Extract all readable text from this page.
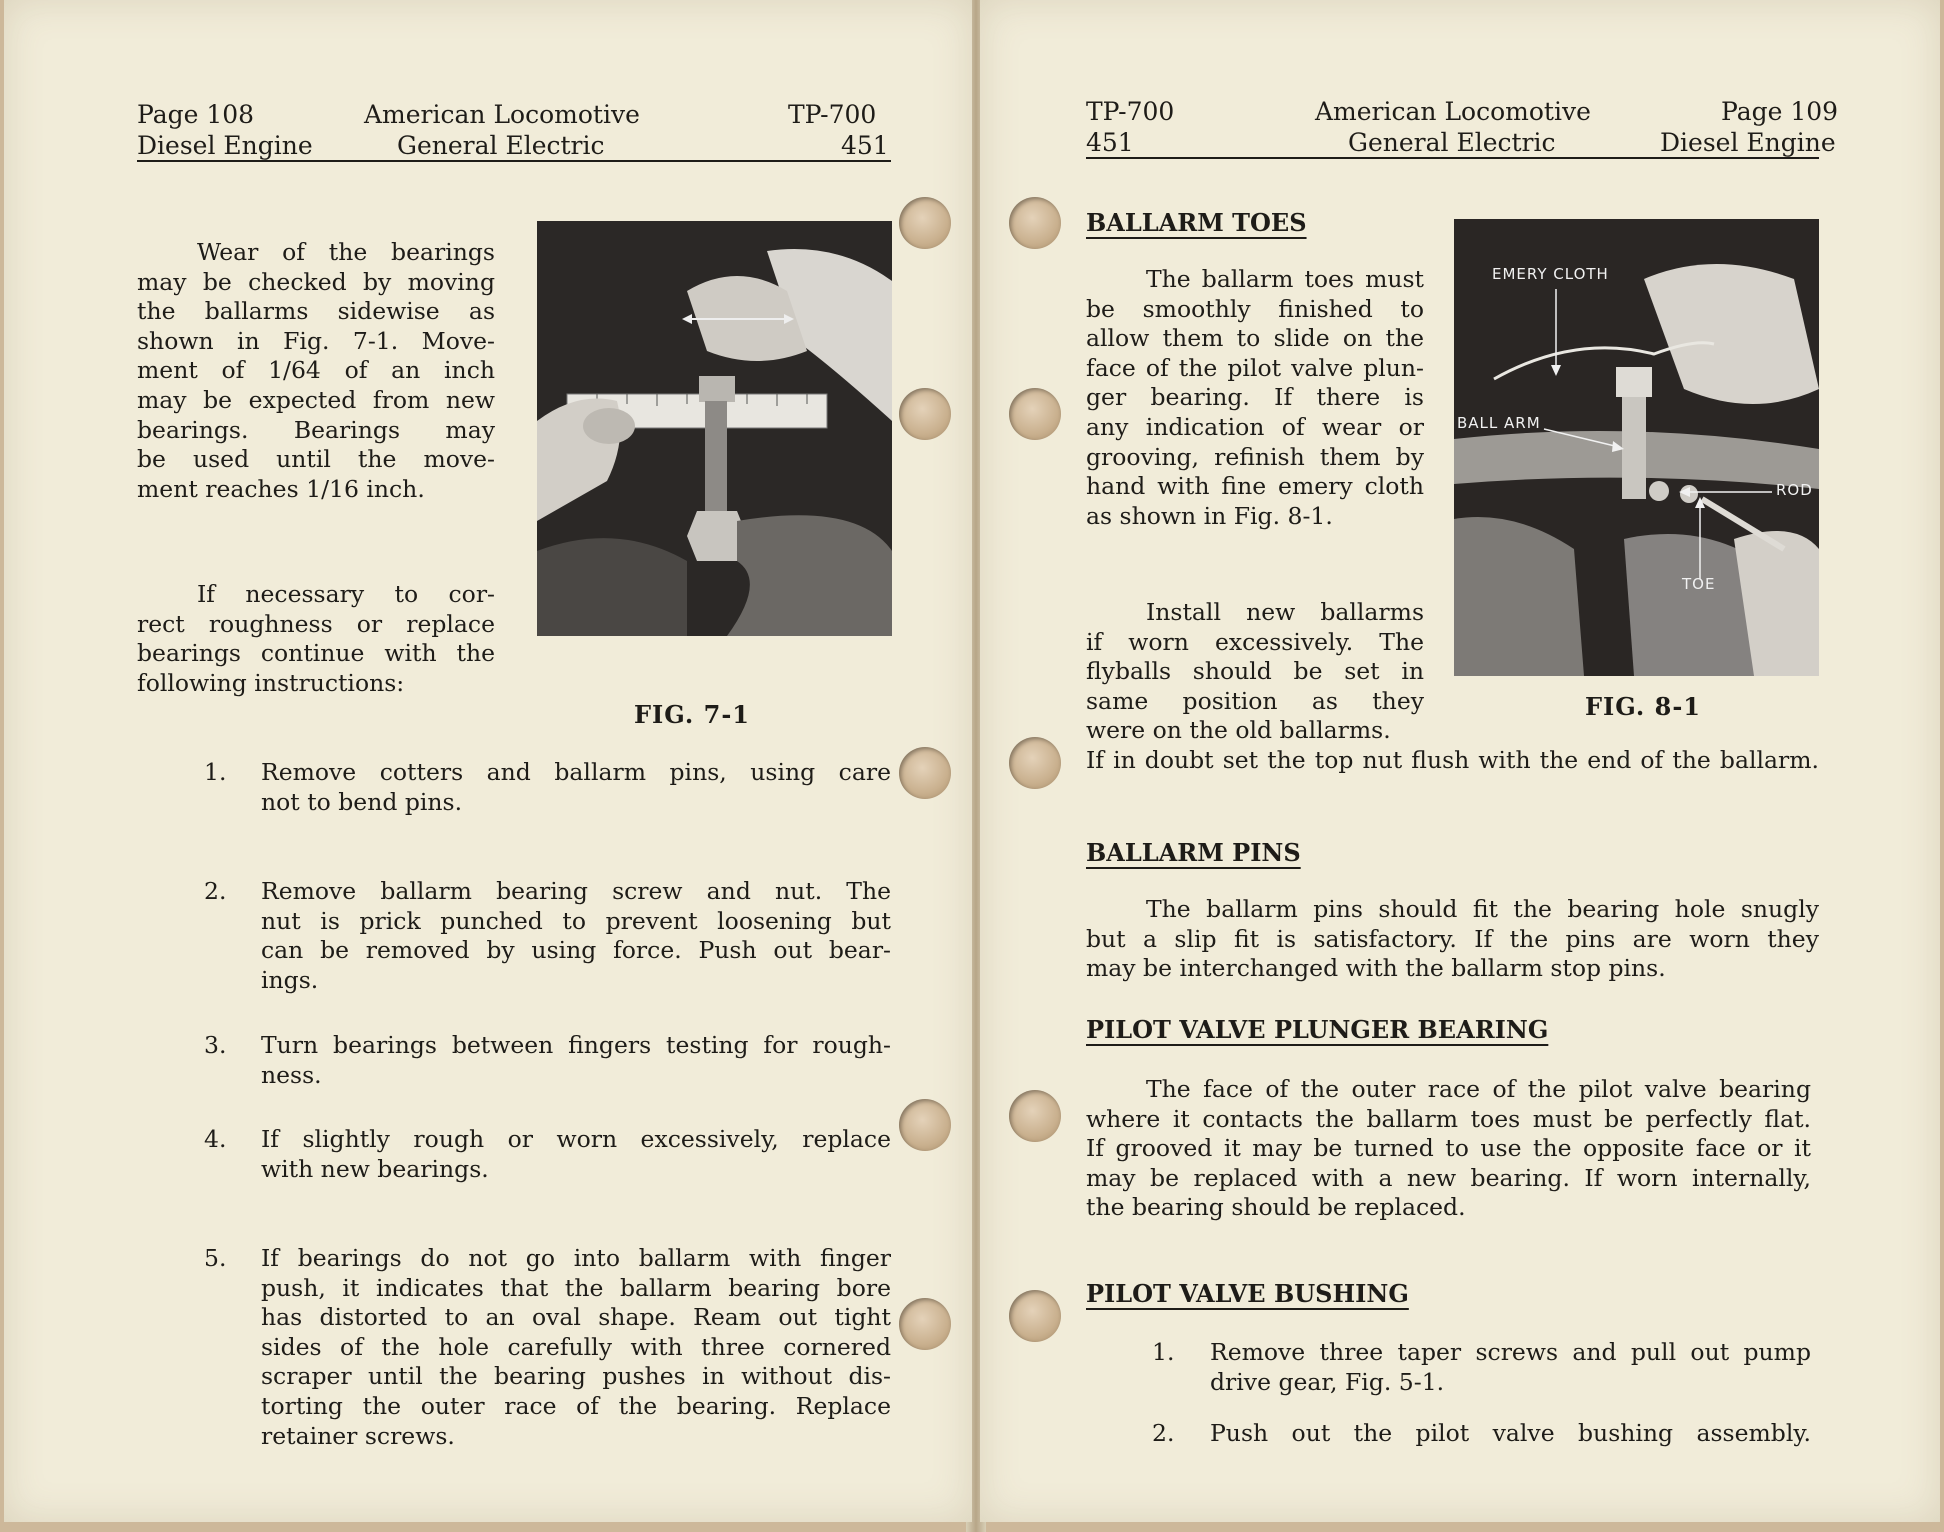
Page 108
Diesel Engine
American Locomotive
General Electric
TP-700
451
Wear of the bearings
may be checked by moving
the ballarms sidewise as
shown in Fig. 7-1. Move-
ment of 1/64 of an inch
may be expected from new
bearings. Bearings may
be used until the move-
ment reaches 1/16 inch.
If necessary to cor-
rect roughness or replace
bearings continue with the
following instructions:
FIG. 7-1
1. Remove cotters and ballarm pins, using care
not to bend pins.
2. Remove ballarm bearing screw and nut. The
nut is prick punched to prevent loosening but
can be removed by using force. Push out bear-
ings.
3. Turn bearings between fingers testing for rough-
ness.
4. If slightly rough or worn excessively, replace
with new bearings.
5. If bearings do not go into ballarm with finger
push, it indicates that the ballarm bearing bore
has distorted to an oval shape. Ream out tight
sides of the hole carefully with three cornered
scraper until the bearing pushes in without dis-
torting the outer race of the bearing. Replace
retainer screws.
TP-700
451
American Locomotive
General Electric
Page 109
Diesel Engine
BALLARM TOES
The ballarm toes must
be smoothly finished to
allow them to slide on the
face of the pilot valve plun-
ger bearing. If there is
any indication of wear or
grooving, refinish them by
hand with fine emery cloth
as shown in Fig. 8-1.
Install new ballarms
if worn excessively. The
flyballs should be set in
same position as they
were on the old ballarms.
If in doubt set the top nut flush with the end of the ballarm.
EMERY CLOTH
BALL ARM
ROD
TOE
FIG. 8-1
BALLARM PINS
The ballarm pins should fit the bearing hole snugly
but a slip fit is satisfactory. If the pins are worn they
may be interchanged with the ballarm stop pins.
PILOT VALVE PLUNGER BEARING
The face of the outer race of the pilot valve bearing
where it contacts the ballarm toes must be perfectly flat.
If grooved it may be turned to use the opposite face or it
may be replaced with a new bearing. If worn internally,
the bearing should be replaced.
PILOT VALVE BUSHING
1. Remove three taper screws and pull out pump
drive gear, Fig. 5-1.
2. Push out the pilot valve bushing assembly.
